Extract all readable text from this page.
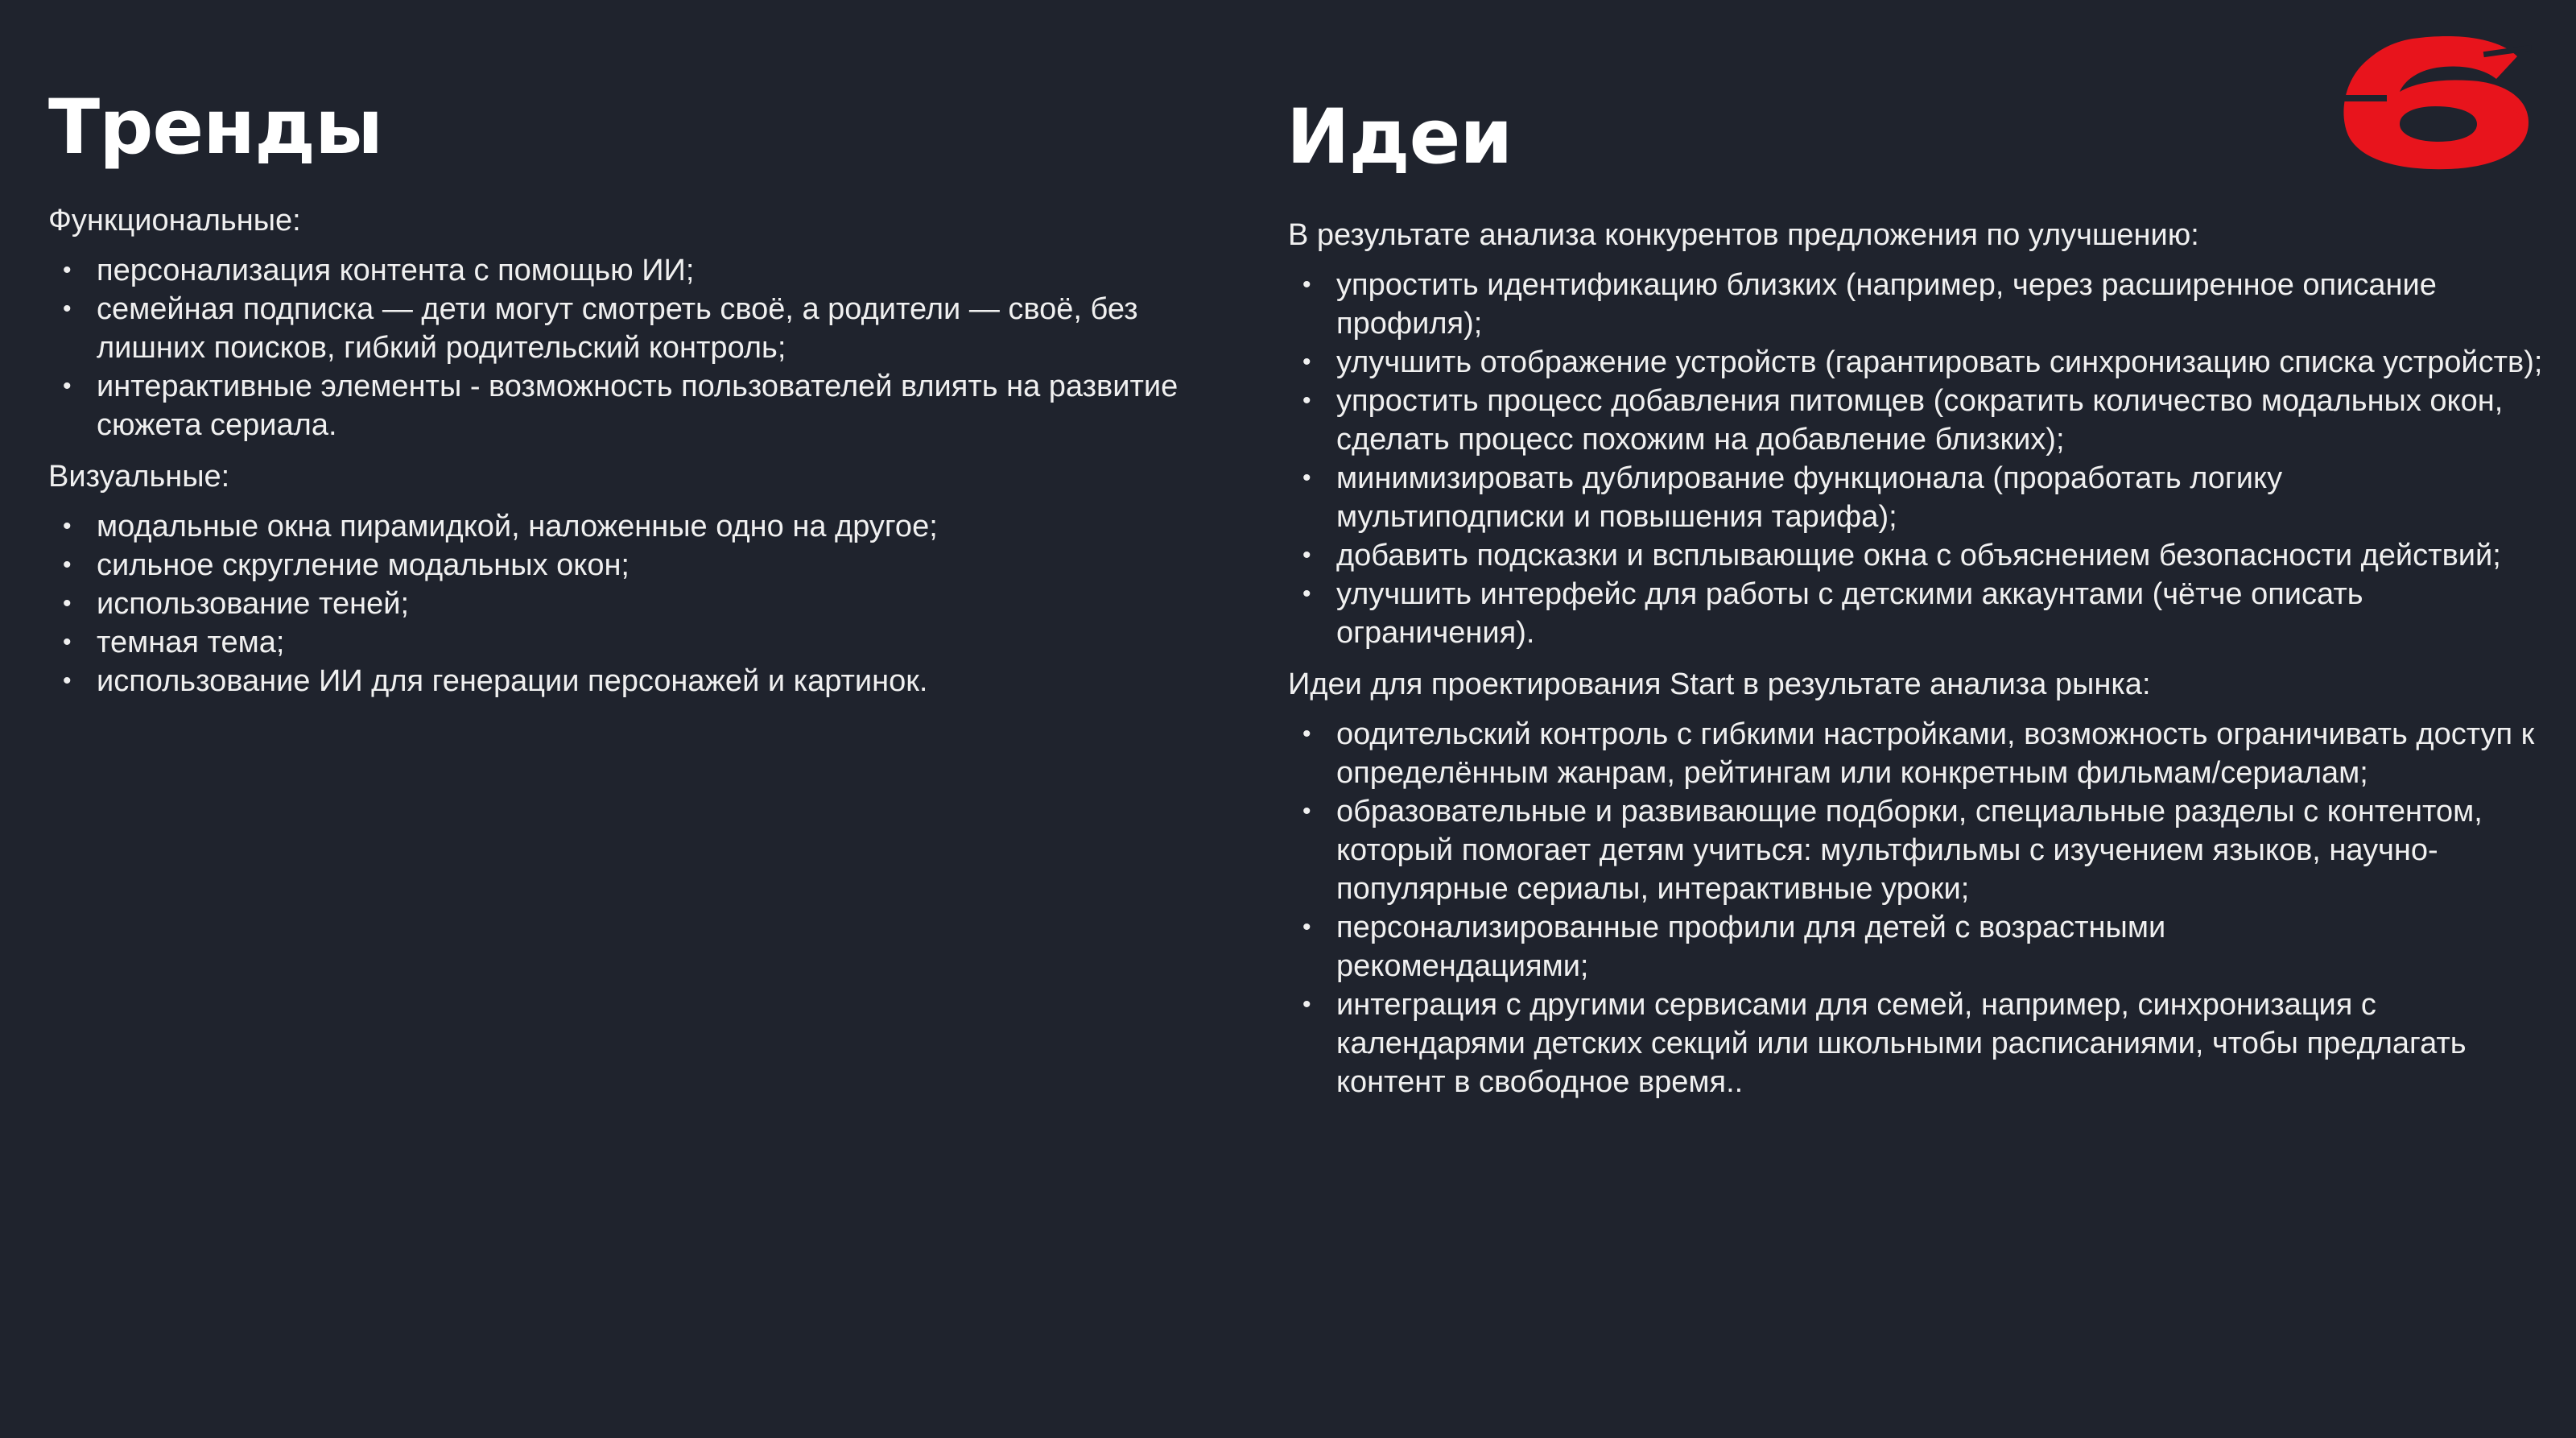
Тренды

Функциональные:

• персонализация контента с помощью ИИ;
• семейная подписка — дети могут смотреть своё, а родители — своё, без лишних поисков, гибкий родительский контроль;
• интерактивные элементы - возможность пользователей влиять на развитие сюжета сериала.

Визуальные:

• модальные окна пирамидкой, наложенные одно на другое;
• сильное скругление модальных окон;
• использование теней;
• темная тема;
• использование ИИ для генерации персонажей и картинок.
Идеи

В результате анализа конкурентов предложения по улучшению:

• упростить идентификацию близких (например, через расширенное описание профиля);
• улучшить отображение устройств (гарантировать синхронизацию списка устройств);
• упростить процесс добавления питомцев (сократить количество модальных окон, сделать процесс похожим на добавление близких);
• минимизировать дублирование функционала (проработать логику мультиподписки и повышения тарифа);
• добавить подсказки и всплывающие окна с объяснением безопасности действий;
• улучшить интерфейс для работы с детскими аккаунтами (чётче описать ограничения).

Идеи для проектирования Start в результате анализа рынка:

• оодительский контроль с гибкими настройками, возможность ограничивать доступ к определённым жанрам, рейтингам или конкретным фильмам/сериалам;
• образовательные и развивающие подборки, специальные разделы с контентом, который помогает детям учиться: мультфильмы с изучением языков, научно-популярные сериалы, интерактивные уроки;
• персонализированные профили для детей с возрастными рекомендациями;
• интеграция с другими сервисами для семей, например, синхронизация с календарями детских секций или школьными расписаниями, чтобы предлагать контент в свободное время..
